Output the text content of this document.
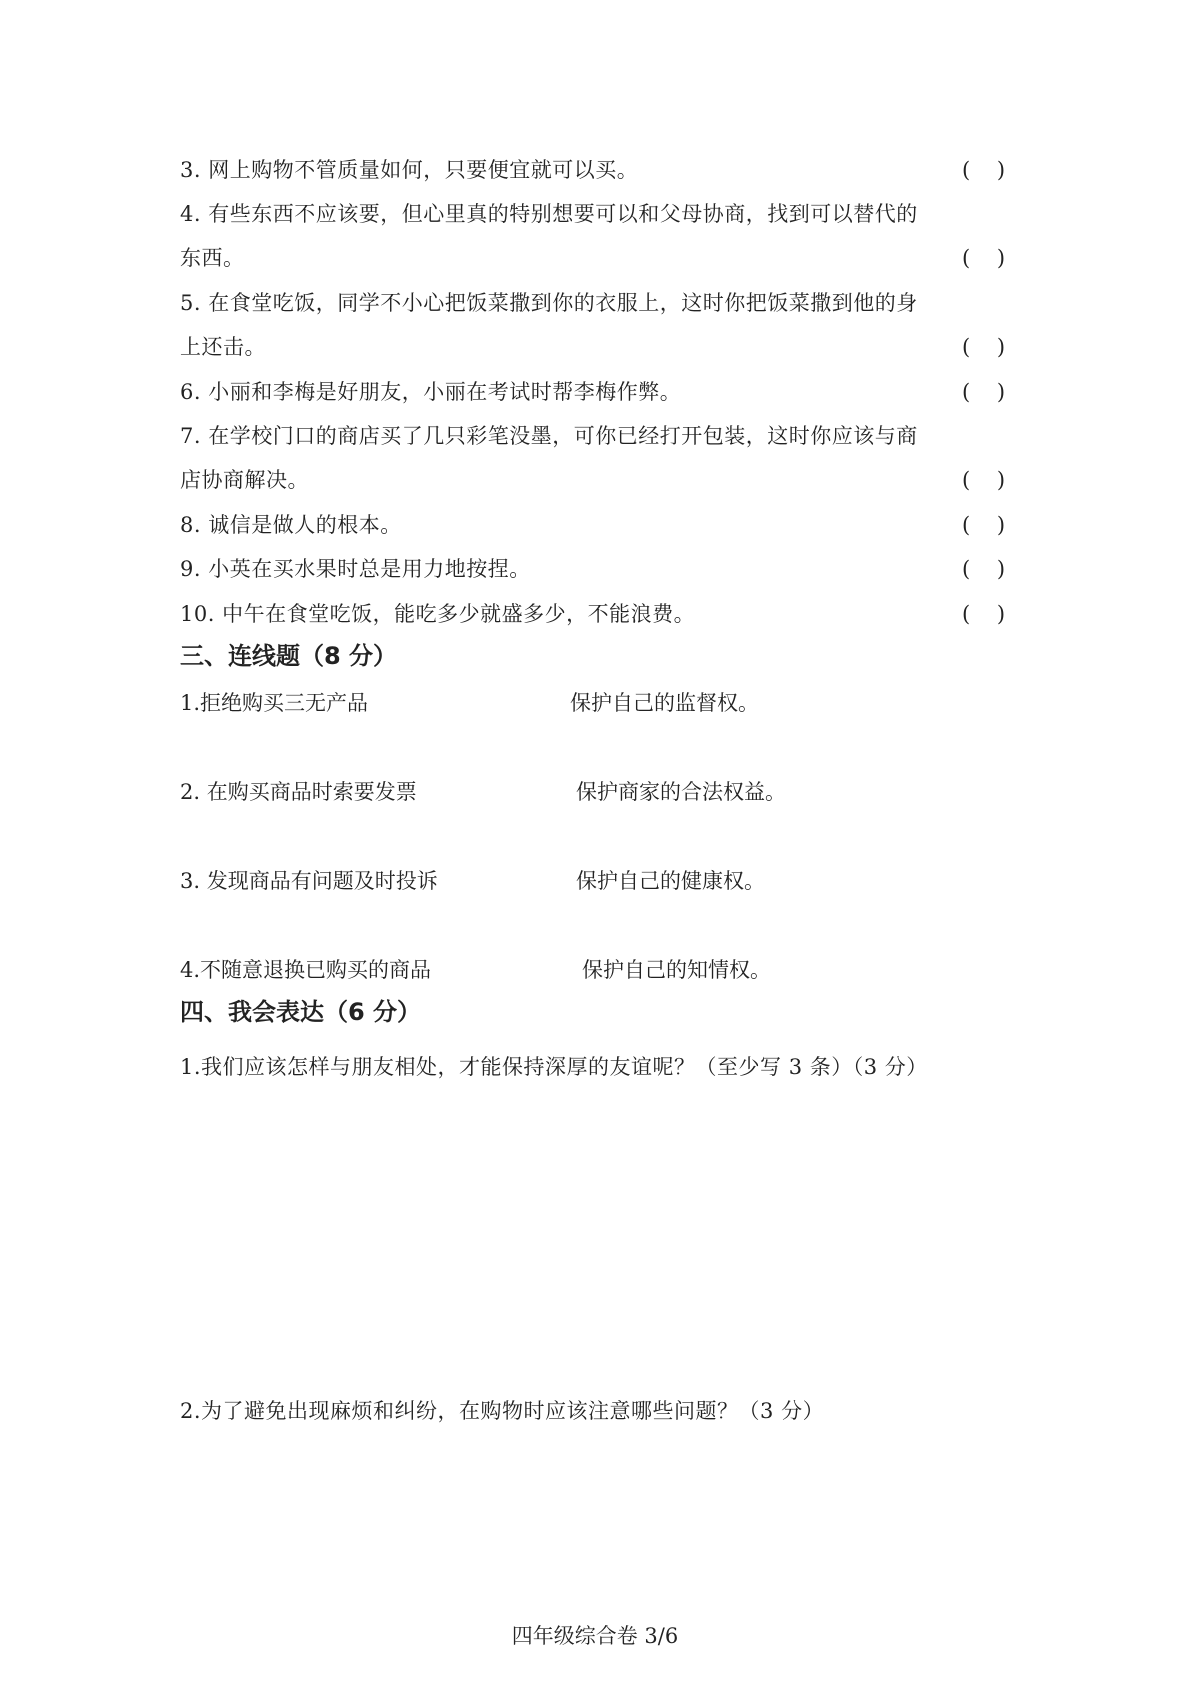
3. 网上购物不管质量如何，只要便宜就可以买。	(    )
4. 有些东西不应该要，但心里真的特别想要可以和父母协商，找到可以替代的
东西。	(    )
5. 在食堂吃饭，同学不小心把饭菜撒到你的衣服上，这时你把饭菜撒到他的身
上还击。	(    )
6. 小丽和李梅是好朋友，小丽在考试时帮李梅作弊。	(    )
7. 在学校门口的商店买了几只彩笔没墨，可你已经打开包装，这时你应该与商
店协商解决。	(    )
8. 诚信是做人的根本。	(    )
9. 小英在买水果时总是用力地按捏。	(    )
10. 中午在食堂吃饭，能吃多少就盛多少，不能浪费。	(    )
三、连线题（8 分）
1.拒绝购买三无产品	保护自己的监督权。
2. 在购买商品时索要发票	保护商家的合法权益。
3. 发现商品有问题及时投诉	保护自己的健康权。
4.不随意退换已购买的商品	保护自己的知情权。
四、我会表达（6 分）
1.我们应该怎样与朋友相处，才能保持深厚的友谊呢？（至少写 3 条）（3 分）
2.为了避免出现麻烦和纠纷，在购物时应该注意哪些问题？（3 分）
四年级综合卷 3/6
